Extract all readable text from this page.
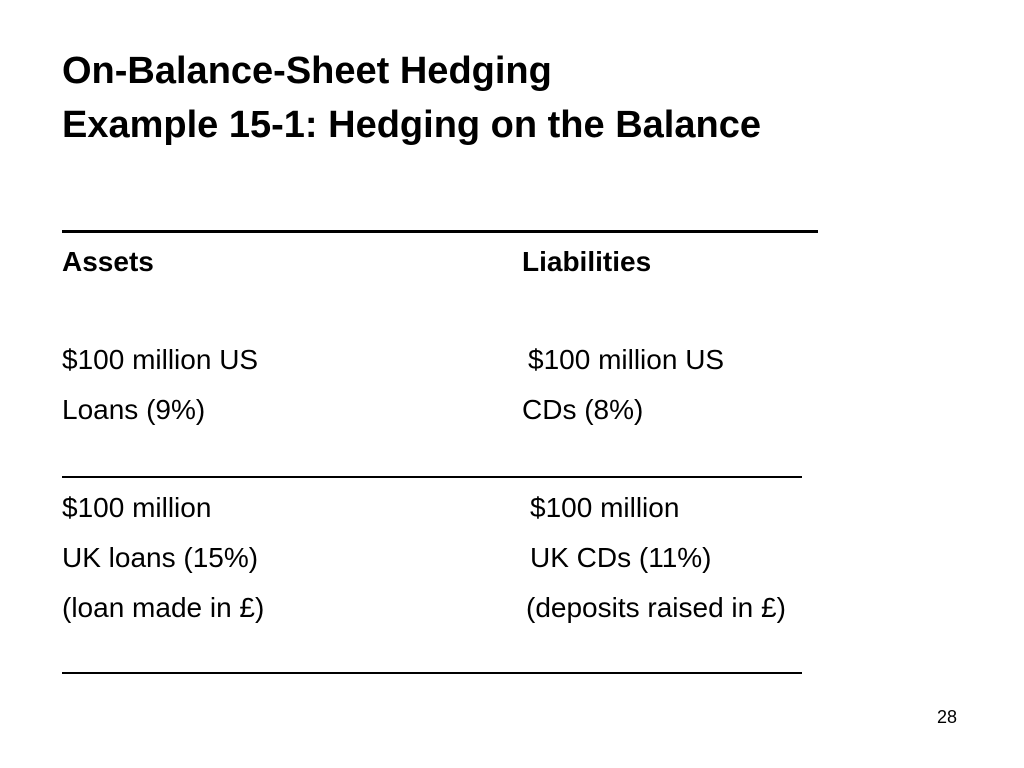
On-Balance-Sheet Hedging
Example 15-1: Hedging on the Balance
Assets	Liabilities
$100 million US	$100 million US
Loans (9%)	CDs (8%)
$100 million	$100 million
UK loans (15%)	UK CDs (11%)
(loan made in £)	(deposits raised in £)
28
